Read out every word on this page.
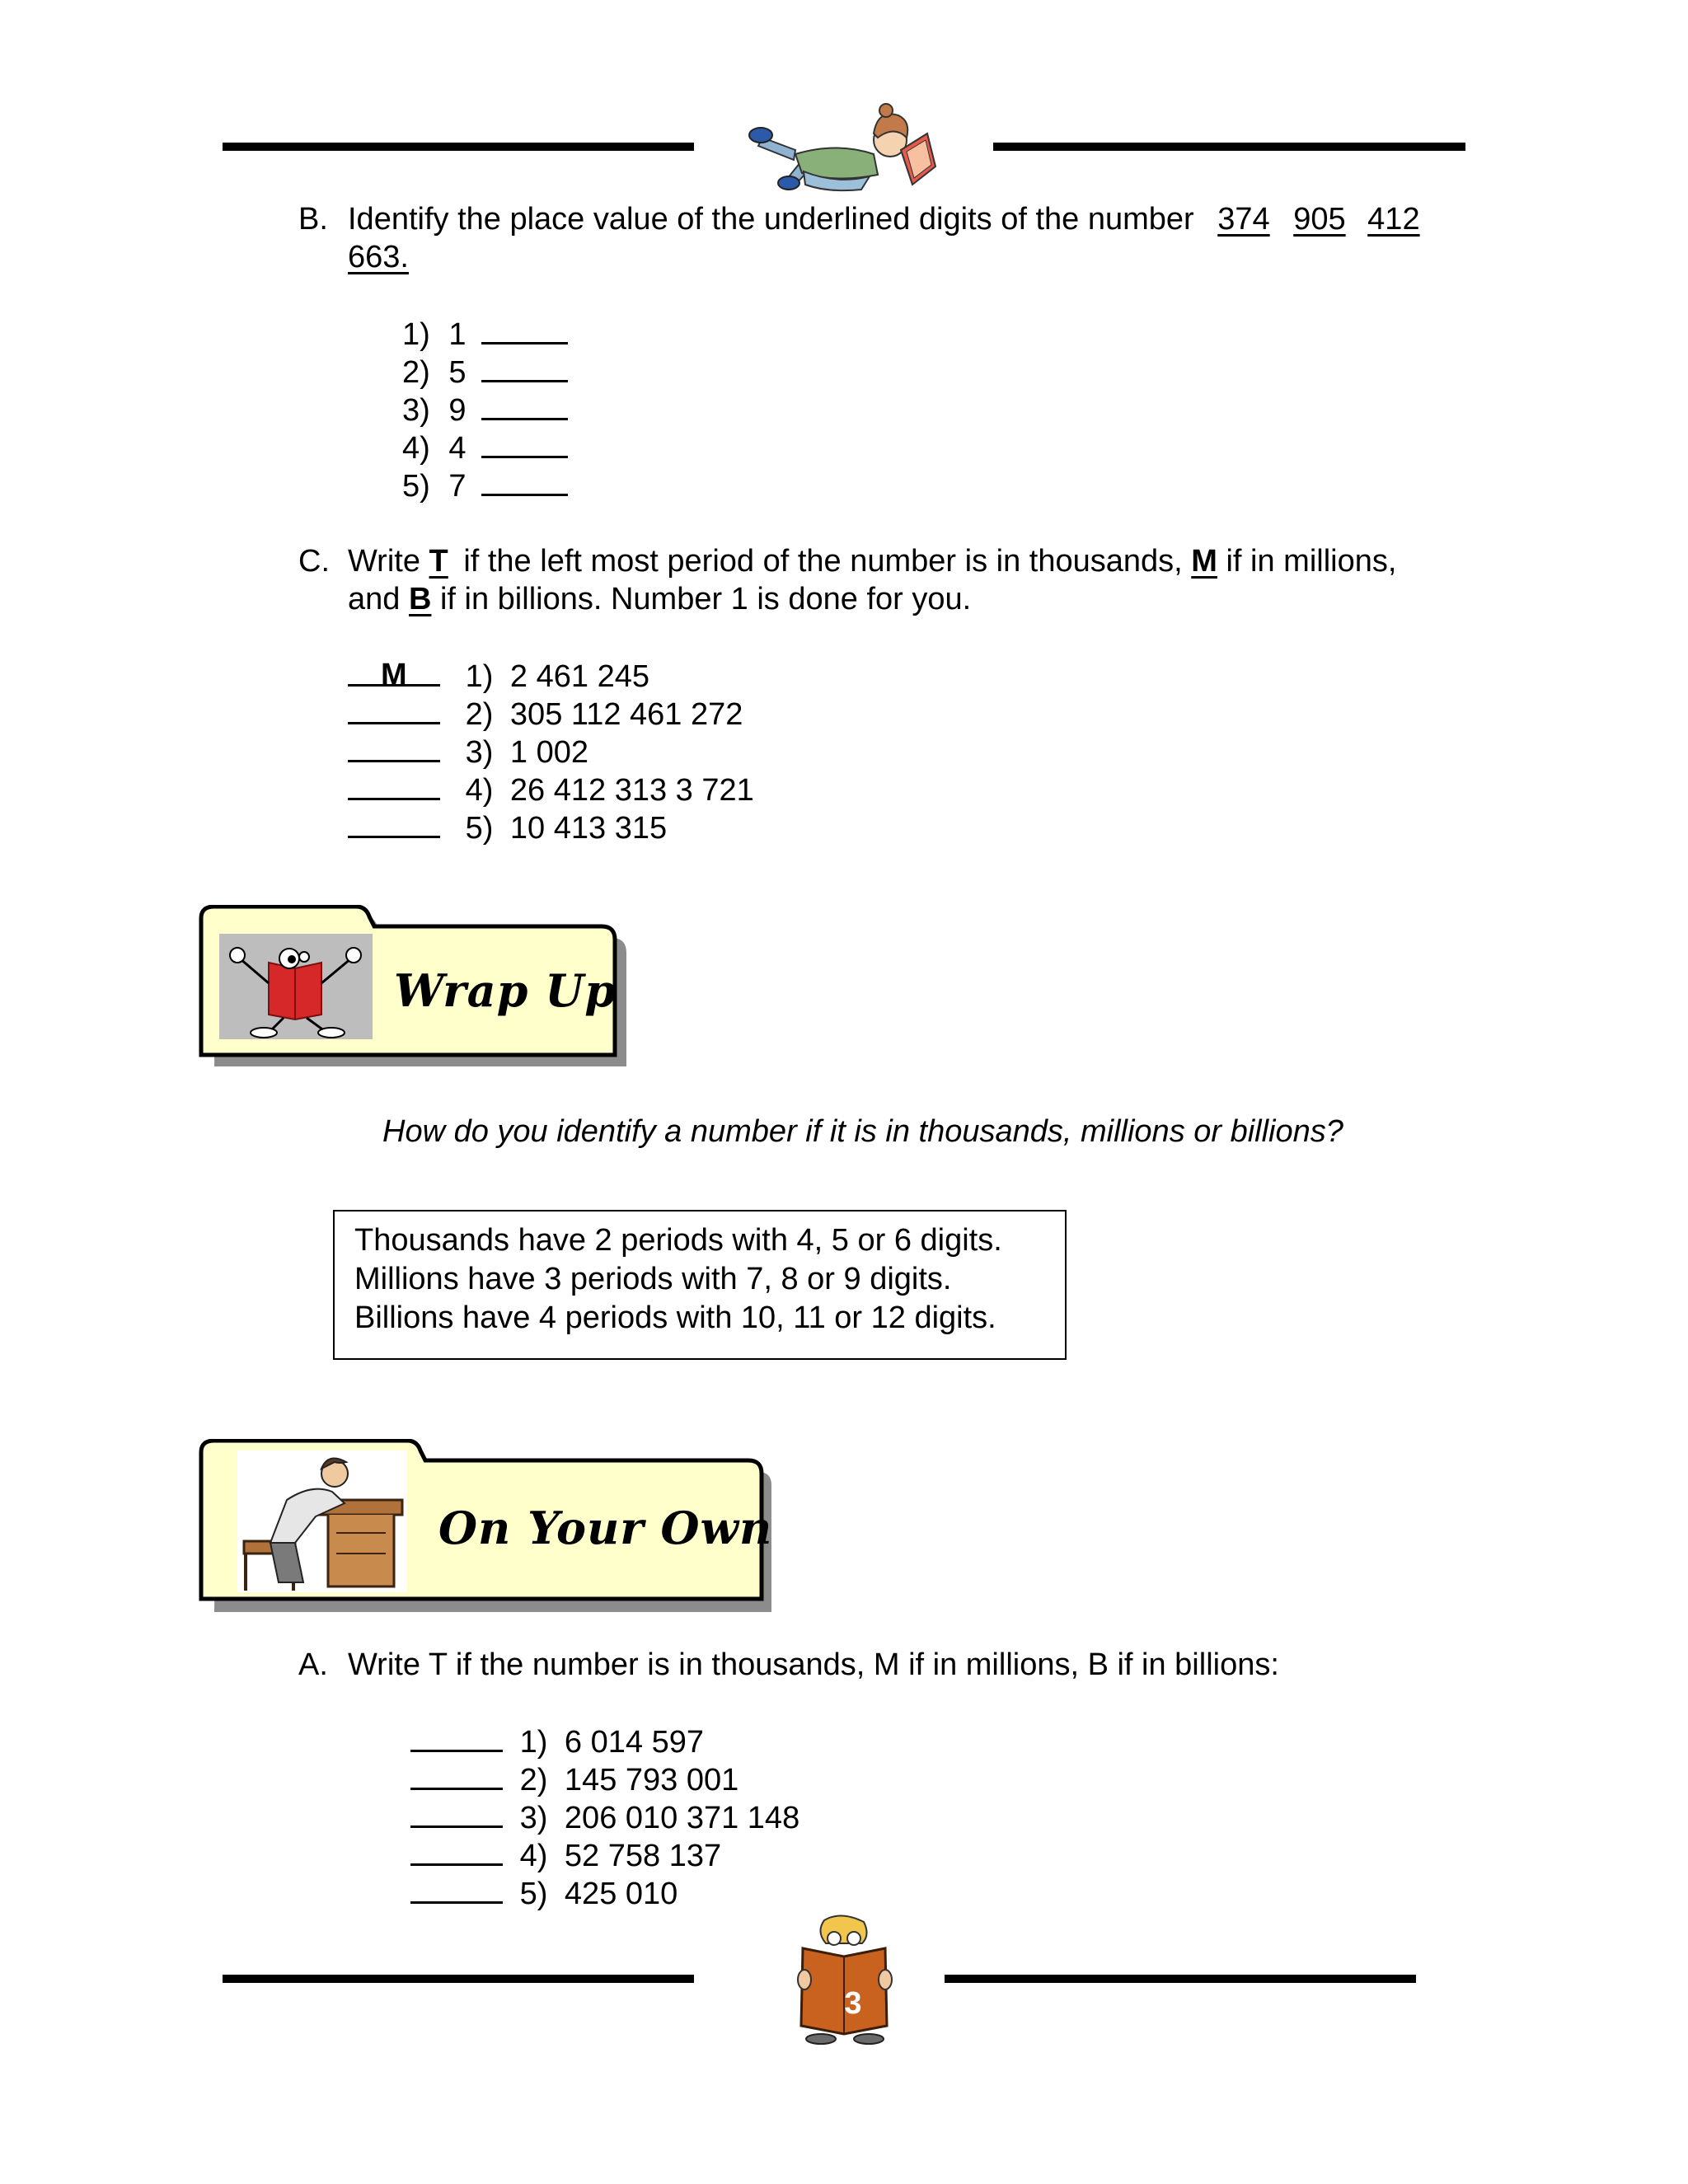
B. Identify the place value of the underlined digits of the number 374 905 412
663.
1) 1
2) 5
3) 9
4) 4
5) 7
C. Write T if the left most period of the number is in thousands, M if in millions,
and B if in billions. Number 1 is done for you.
M 1) 2 461 245
2) 305 112 461 272
3) 1 002
4) 26 412 313 3 721
5) 10 413 315
Wrap Up
How do you identify a number if it is in thousands, millions or billions?
Thousands have 2 periods with 4, 5 or 6 digits.
Millions have 3 periods with 7, 8 or 9 digits.
Billions have 4 periods with 10, 11 or 12 digits.
On Your Own
A. Write T if the number is in thousands, M if in millions, B if in billions:
1) 6 014 597
2) 145 793 001
3) 206 010 371 148
4) 52 758 137
5) 425 010
3
